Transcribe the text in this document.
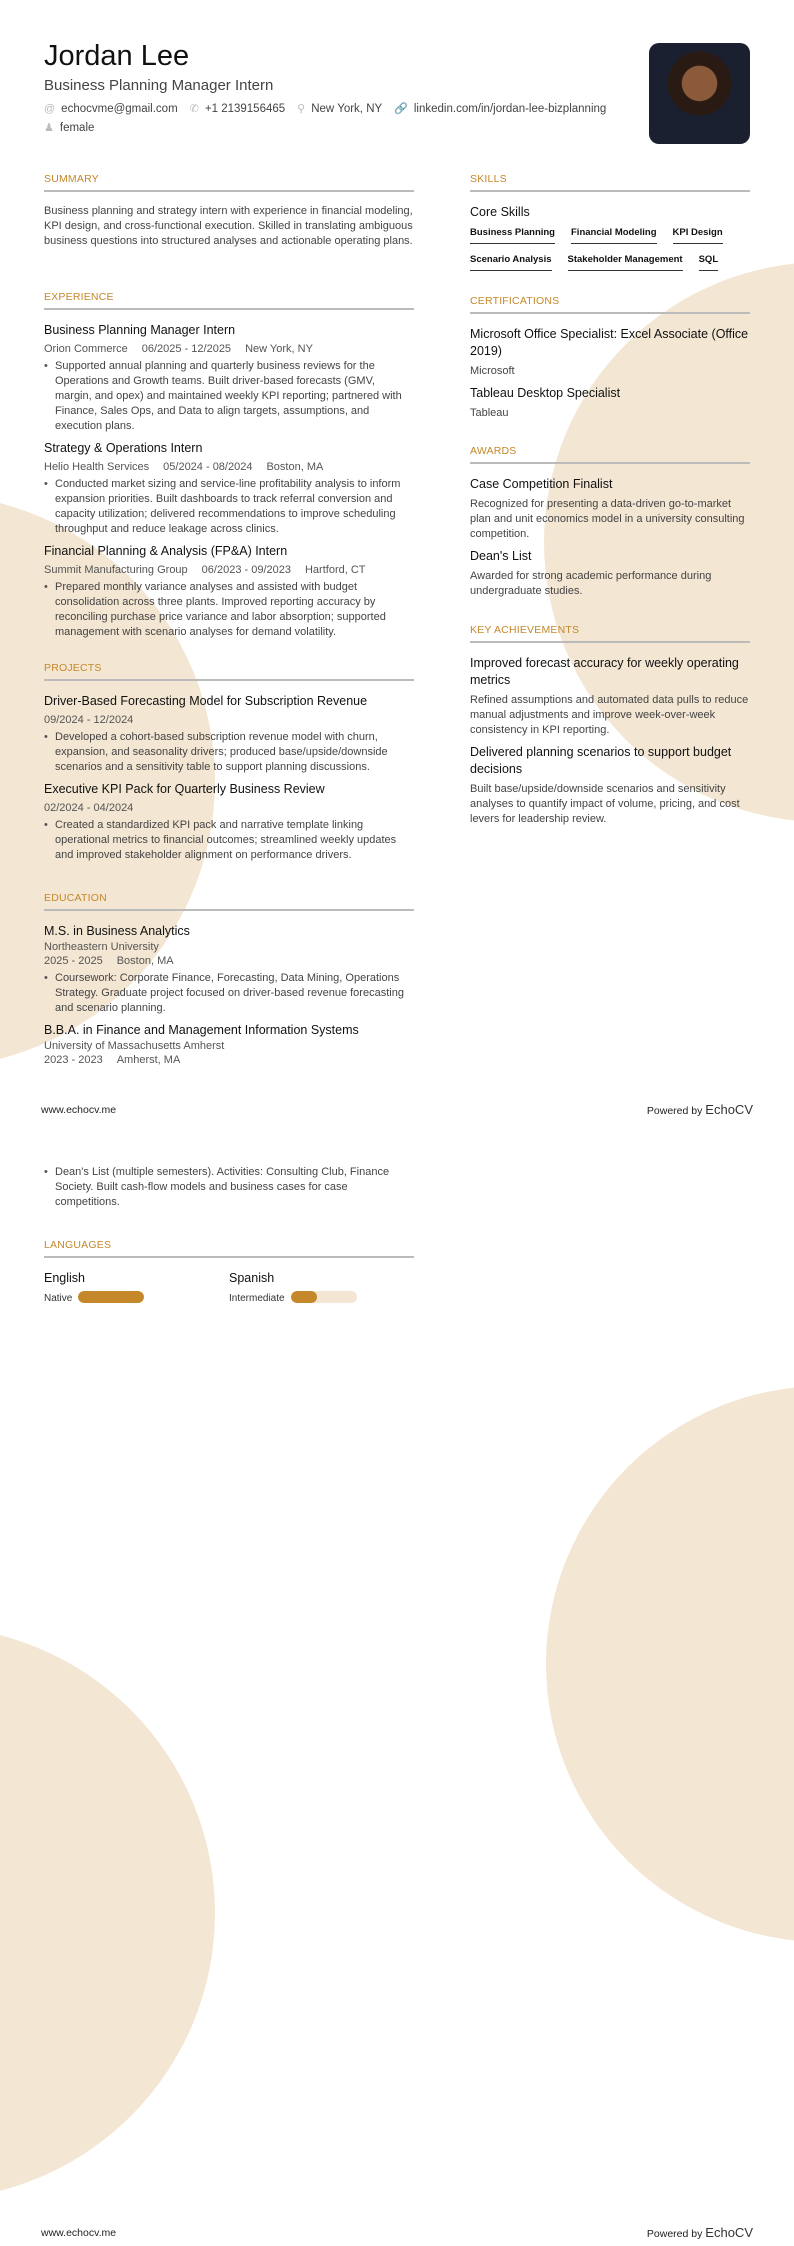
Jordan Lee
Business Planning Manager Intern
@ echocvme@gmail.com ✆ +1 2139156465 ⚲ New York, NY 🔗 linkedin.com/in/jordan-lee-bizplanning
♟ female
SUMMARY
Business planning and strategy intern with experience in financial modeling, KPI design, and cross-functional execution. Skilled in translating ambiguous business questions into structured analyses and actionable operating plans.
EXPERIENCE
Business Planning Manager Intern
Orion Commerce 06/2025 - 12/2025 New York, NY
• Supported annual planning and quarterly business reviews for the Operations and Growth teams. Built driver-based forecasts (GMV, margin, and opex) and maintained weekly KPI reporting; partnered with Finance, Sales Ops, and Data to align targets, assumptions, and execution plans.
Strategy & Operations Intern
Helio Health Services 05/2024 - 08/2024 Boston, MA
• Conducted market sizing and service-line profitability analysis to inform expansion priorities. Built dashboards to track referral conversion and capacity utilization; delivered recommendations to improve scheduling throughput and reduce leakage across clinics.
Financial Planning & Analysis (FP&A) Intern
Summit Manufacturing Group 06/2023 - 09/2023 Hartford, CT
• Prepared monthly variance analyses and assisted with budget consolidation across three plants. Improved reporting accuracy by reconciling purchase price variance and labor absorption; supported management with scenario analyses for demand volatility.
PROJECTS
Driver-Based Forecasting Model for Subscription Revenue
09/2024 - 12/2024
• Developed a cohort-based subscription revenue model with churn, expansion, and seasonality drivers; produced base/upside/downside scenarios and a sensitivity table to support planning discussions.
Executive KPI Pack for Quarterly Business Review
02/2024 - 04/2024
• Created a standardized KPI pack and narrative template linking operational metrics to financial outcomes; streamlined weekly updates and improved stakeholder alignment on performance drivers.
EDUCATION
M.S. in Business Analytics
Northeastern University
2025 - 2025 Boston, MA
• Coursework: Corporate Finance, Forecasting, Data Mining, Operations Strategy. Graduate project focused on driver-based revenue forecasting and scenario planning.
B.B.A. in Finance and Management Information Systems
University of Massachusetts Amherst
2023 - 2023 Amherst, MA
SKILLS
Core Skills
Business Planning Financial Modeling KPI Design
Scenario Analysis Stakeholder Management SQL
CERTIFICATIONS
Microsoft Office Specialist: Excel Associate (Office 2019)
Microsoft
Tableau Desktop Specialist
Tableau
AWARDS
Case Competition Finalist
Recognized for presenting a data-driven go-to-market plan and unit economics model in a university consulting competition.
Dean's List
Awarded for strong academic performance during undergraduate studies.
KEY ACHIEVEMENTS
Improved forecast accuracy for weekly operating metrics
Refined assumptions and automated data pulls to reduce manual adjustments and improve week-over-week consistency in KPI reporting.
Delivered planning scenarios to support budget decisions
Built base/upside/downside scenarios and sensitivity analyses to quantify impact of volume, pricing, and cost levers for leadership review.
www.echocv.me	Powered by EchoCV
• Dean's List (multiple semesters). Activities: Consulting Club, Finance Society. Built cash-flow models and business cases for case competitions.
LANGUAGES
English
Native
Spanish
Intermediate
www.echocv.me	Powered by EchoCV
